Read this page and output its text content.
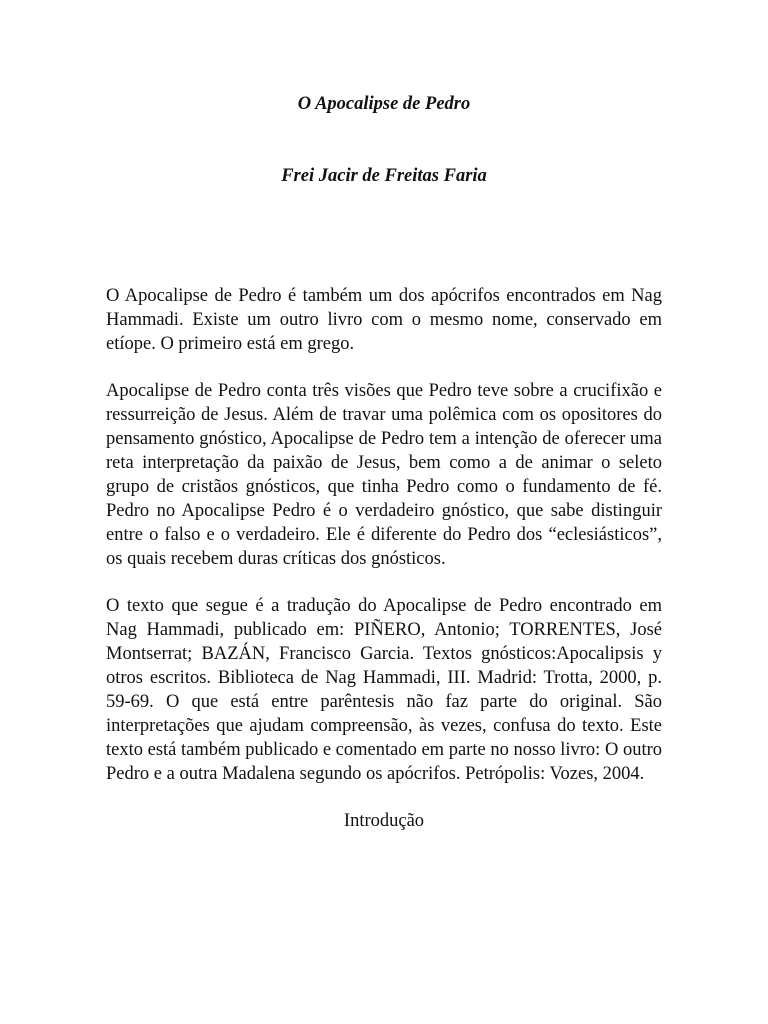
O Apocalipse de Pedro
Frei Jacir de Freitas Faria

O Apocalipse de Pedro é também um dos apócrifos encontrados em Nag Hammadi. Existe um outro livro com o mesmo nome, conservado em etíope. O primeiro está em grego.

Apocalipse de Pedro conta três visões que Pedro teve sobre a crucifixão e ressurreição de Jesus. Além de travar uma polêmica com os opositores do pensamento gnóstico, Apocalipse de Pedro tem a intenção de oferecer uma reta interpretação da paixão de Jesus, bem como a de animar o seleto grupo de cristãos gnósticos, que tinha Pedro como o fundamento de fé. Pedro no Apocalipse Pedro é o verdadeiro gnóstico, que sabe distinguir entre o falso e o verdadeiro. Ele é diferente do Pedro dos “eclesiásticos”, os quais recebem duras críticas dos gnósticos.

O texto que segue é a tradução do Apocalipse de Pedro encontrado em Nag Hammadi, publicado em: PIÑERO, Antonio; TORRENTES, José Montserrat; BAZÁN, Francisco Garcia. Textos gnósticos:Apocalipsis y otros escritos. Biblioteca de Nag Hammadi, III. Madrid: Trotta, 2000, p. 59-69. O que está entre parêntesis não faz parte do original. São interpretações que ajudam compreensão, às vezes, confusa do texto. Este texto está também publicado e comentado em parte no nosso livro: O outro Pedro e a outra Madalena segundo os apócrifos. Petrópolis: Vozes, 2004.

Introdução
